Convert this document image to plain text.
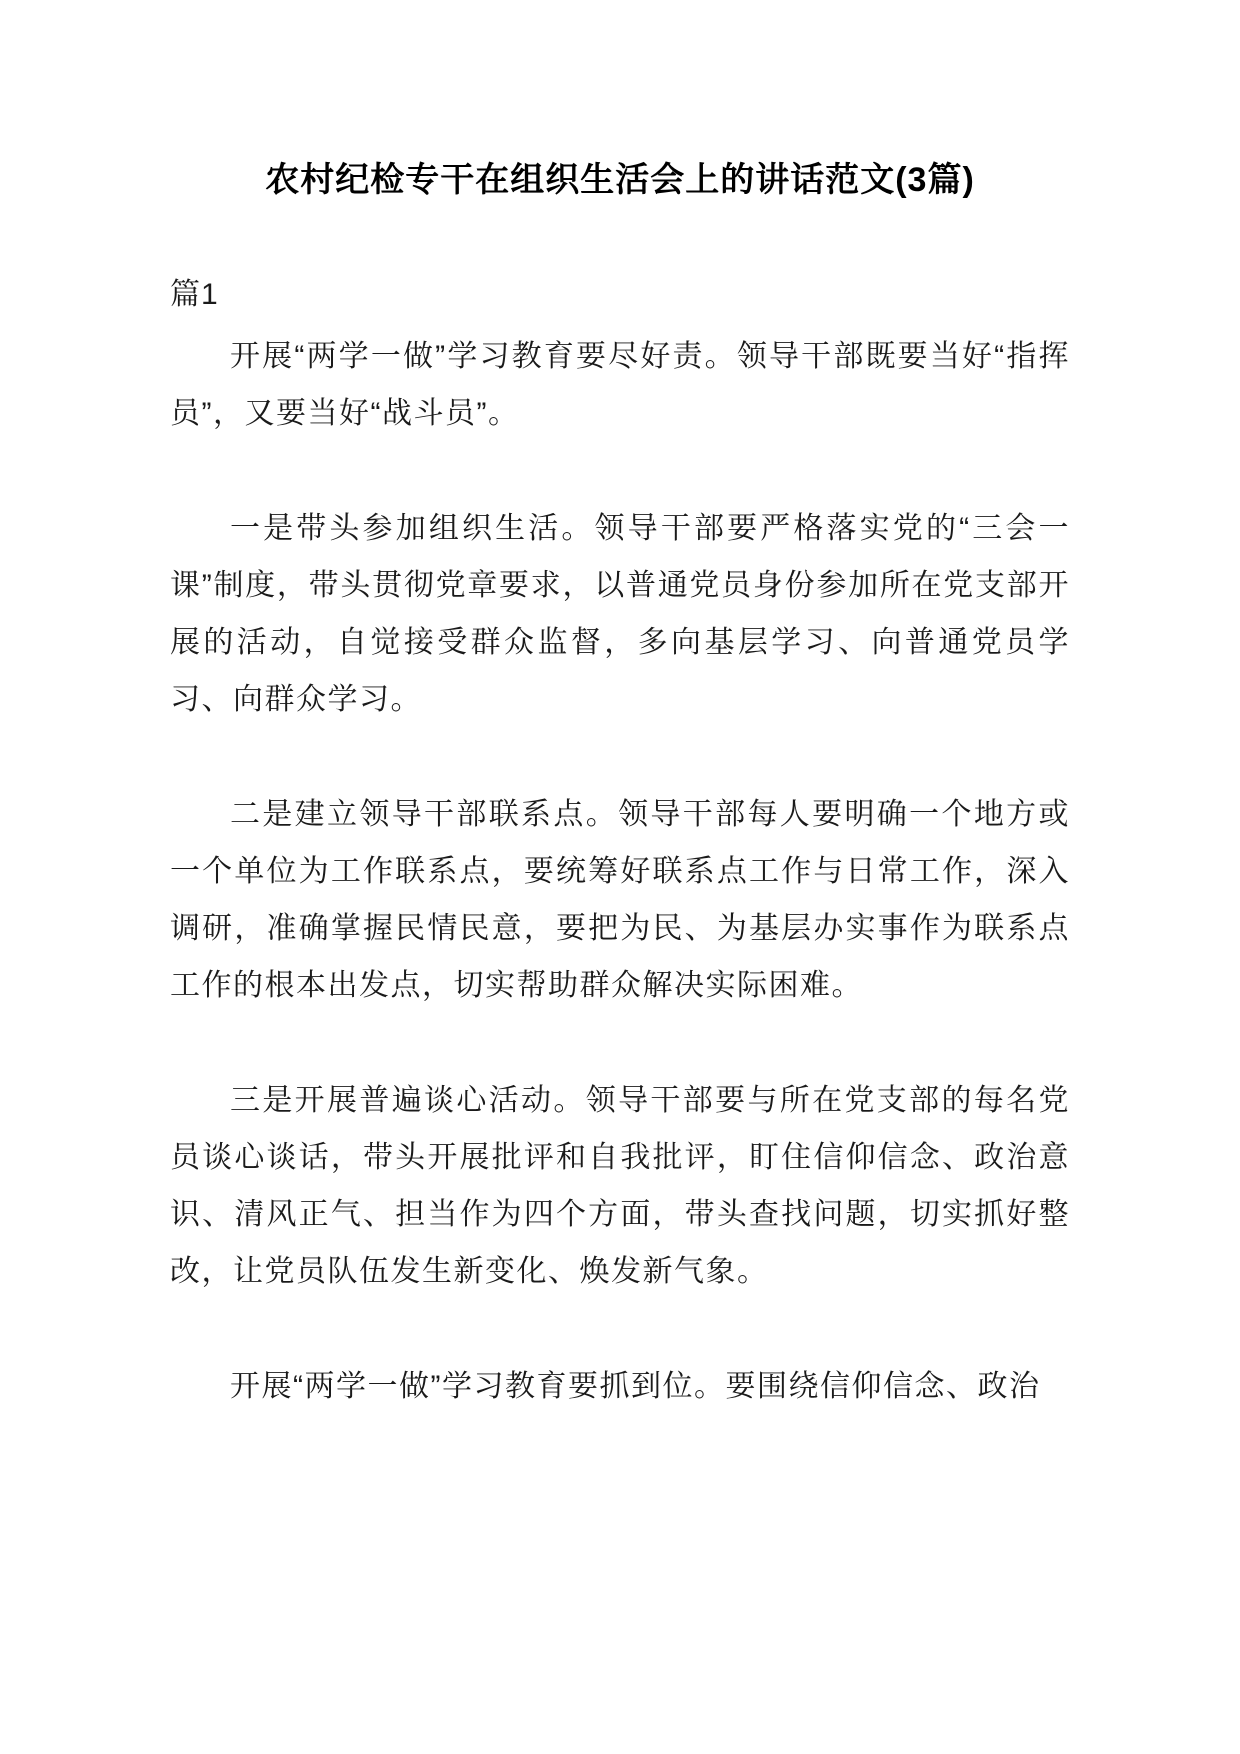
农村纪检专干在组织生活会上的讲话范文(3篇)

篇1

开展“两学一做”学习教育要尽好责。领导干部既要当好“指挥员”，又要当好“战斗员”。

一是带头参加组织生活。领导干部要严格落实党的“三会一课”制度，带头贯彻党章要求，以普通党员身份参加所在党支部开展的活动，自觉接受群众监督，多向基层学习、向普通党员学习、向群众学习。

二是建立领导干部联系点。领导干部每人要明确一个地方或一个单位为工作联系点，要统筹好联系点工作与日常工作，深入调研，准确掌握民情民意，要把为民、为基层办实事作为联系点工作的根本出发点，切实帮助群众解决实际困难。

三是开展普遍谈心活动。领导干部要与所在党支部的每名党员谈心谈话，带头开展批评和自我批评，盯住信仰信念、政治意识、清风正气、担当作为四个方面，带头查找问题，切实抓好整改，让党员队伍发生新变化、焕发新气象。

开展“两学一做”学习教育要抓到位。要围绕信仰信念、政治
